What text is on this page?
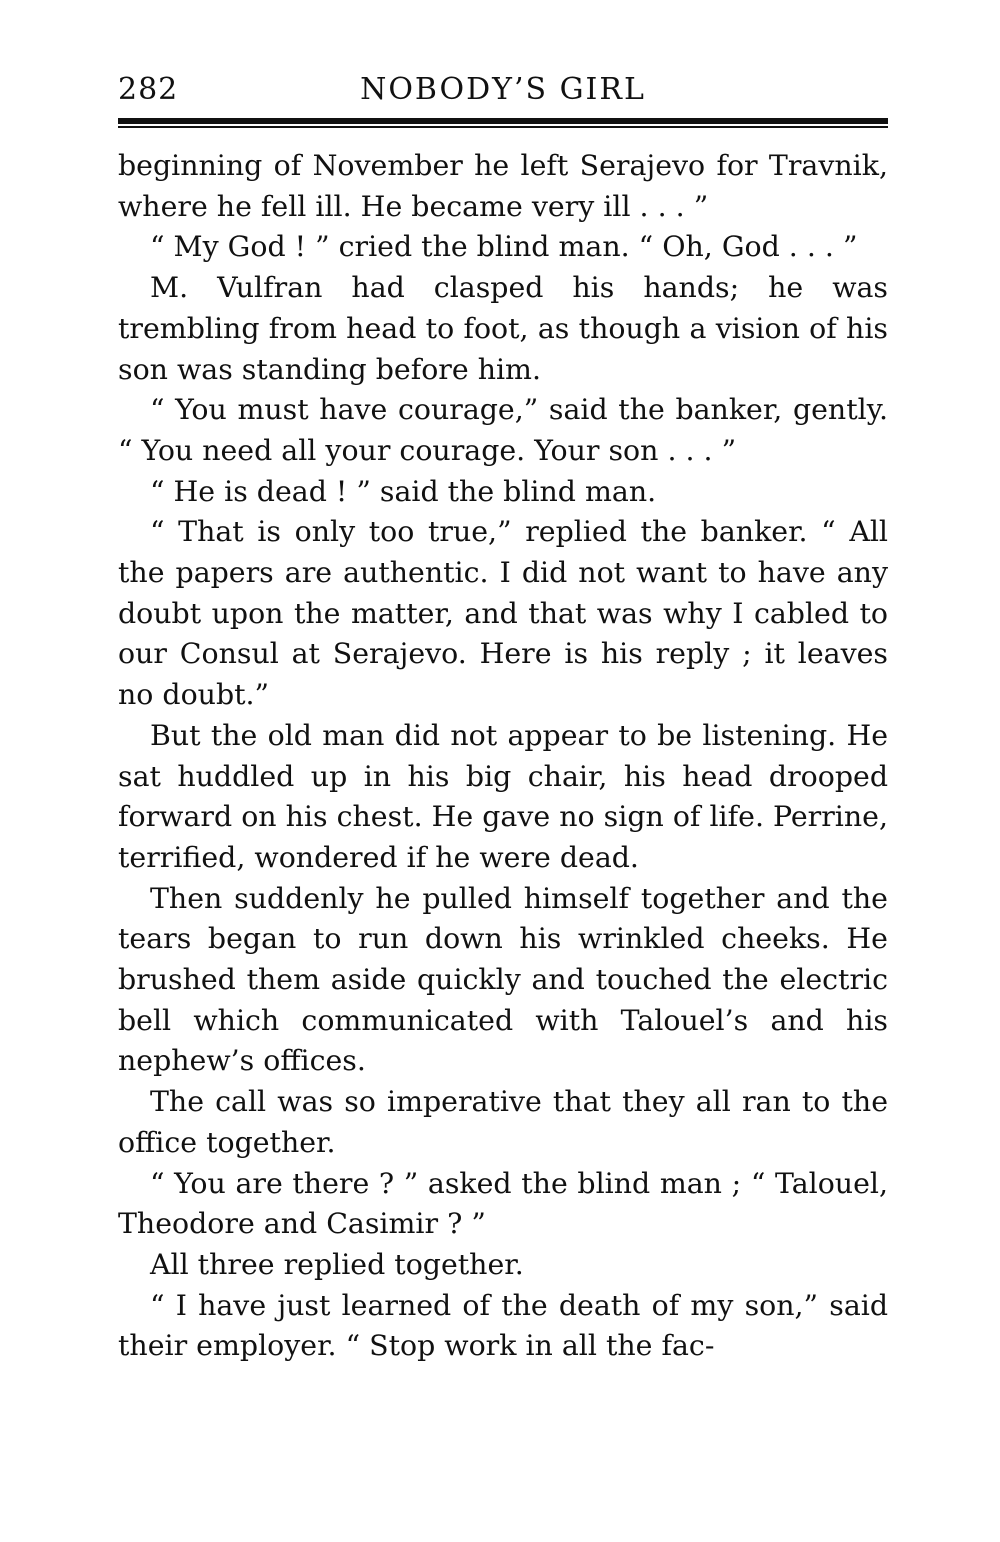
282	NOBODY’S GIRL

beginning of November he left Serajevo for Travnik, where he fell ill. He became very ill . . . ”

“ My God ! ” cried the blind man. “ Oh, God . . . ”

M. Vulfran had clasped his hands; he was trembling from head to foot, as though a vision of his son was standing before him.

“ You must have courage,” said the banker, gently. “ You need all your courage. Your son . . . ”

“ He is dead ! ” said the blind man.

“ That is only too true,” replied the banker. “ All the papers are authentic. I did not want to have any doubt upon the matter, and that was why I cabled to our Consul at Serajevo. Here is his reply ; it leaves no doubt.”

But the old man did not appear to be listening. He sat huddled up in his big chair, his head drooped forward on his chest. He gave no sign of life. Perrine, terrified, wondered if he were dead.

Then suddenly he pulled himself together and the tears began to run down his wrinkled cheeks. He brushed them aside quickly and touched the electric bell which communicated with Talouel’s and his nephew’s offices.

The call was so imperative that they all ran to the office together.

“ You are there ? ” asked the blind man ; “ Talouel, Theodore and Casimir ? ”

All three replied together.

“ I have just learned of the death of my son,” said their employer. “ Stop work in all the fac-
